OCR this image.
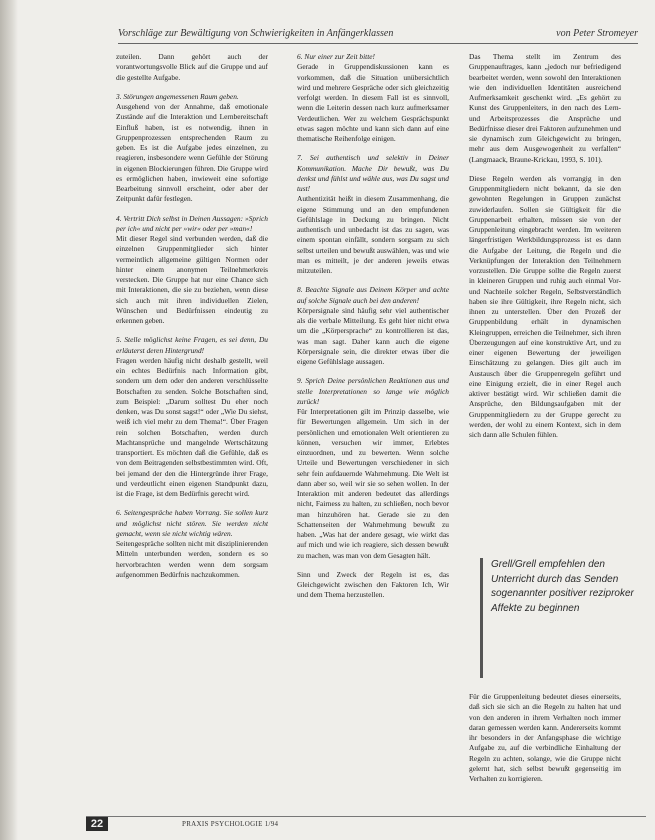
Vorschläge zur Bewältigung von Schwierigkeiten in Anfängerklassen	von Peter Stromeyer

zuteilen. Dann gehört auch der vorantwortungsvolle Blick auf die Gruppe und auf die gestellte Aufgabe.

3. Störungen angemessenen Raum geben.
Ausgehend von der Annahme, daß emotionale Zustände auf die Interaktion und Lernbereitschaft Einfluß haben, ist es notwendig, ihnen in Gruppenprozessen entsprechenden Raum zu geben. Es ist die Aufgabe jedes einzelnen, zu reagieren, insbesondere wenn Gefühle der Störung in eigenen Blockierungen führen. Die Gruppe wird es ermöglichen haben, inwieweit eine sofortige Bearbeitung sinnvoll erscheint, oder aber der Zeitpunkt dafür festlegen.

4. Vertritt Dich selbst in Deinen Aussagen: »Sprich per ich« und nicht per »wir« oder per »man«!
Mit dieser Regel sind verbunden werden, daß die einzelnen Gruppenmitglieder sich hinter vermeintlich allgemeine gültigen Normen oder hinter einem anonymen Teilnehmerkreis verstecken. Die Gruppe hat nur eine Chance sich mit Interaktionen, die sie zu beziehen, wenn diese sich auch mit ihren individuellen Zielen, Wünschen und Bedürfnissen eindeutig zu erkennen geben.

5. Stelle möglichst keine Fragen, es sei denn, Du erläuterst deren Hintergrund!
Fragen werden häufig nicht deshalb gestellt, weil ein echtes Bedürfnis nach Information gibt, sondern um dem oder den anderen verschlüsselte Botschaften zu senden. Solche Botschaften sind, zum Beispiel: „Darum solltest Du eher noch denken, was Du sonst sagst!“ oder „Wie Du siehst, weiß ich viel mehr zu dem Thema!“. Über Fragen rein solchen Botschaften, werden durch Machtansprüche und mangelnde Wertschätzung transportiert. Es möchten daß die Gefühle, daß es von dem Beitragenden selbstbestimmten wird. Oft, bei jemand der den die Hintergründe ihrer Frage, und verdeutlicht einen eigenen Standpunkt dazu, ist die Frage, ist dem Bedürfnis gerecht wird.

6. Seitengespräche haben Vorrang. Sie sollen kurz und möglichst nicht stören. Sie werden nicht gemacht, wenn sie nicht wichtig wären.
Seitengespräche sollten nicht mit disziplinierenden Mitteln unterbunden werden, sondern es so hervorbrachten werden wenn dem sorgsam aufgenommen Bedürfnis nachzukommen.

6. Nur einer zur Zeit bitte!
Gerade in Gruppendiskussionen kann es vorkommen, daß die Situation unübersichtlich wird und mehrere Gespräche oder sich gleichzeitig verfolgt werden. In diesem Fall ist es sinnvoll, wenn die Leiterin dessen nach kurz aufmerksamer Verdeutlichen. Wer zu welchem Gesprächspunkt etwas sagen möchte und kann sich dann auf eine thematische Reihenfolge einigen.

7. Sei authentisch und selektiv in Deiner Kommunikation. Mache Dir bewußt, was Du denkst und fühlst und wähle aus, was Du sagst und tust!
Authentizität heißt in diesem Zusammenhang, die eigene Stimmung und an den empfundenen Gefühlslage in Deckung zu bringen. Nicht authentisch und unbedacht ist das zu sagen, was einem spontan einfällt, sondern sorgsam zu sich selbst urteilen und bewußt auswählen, was und wie man es mitteilt, je der anderen jeweils etwas mitzuteilen.

8. Beachte Signale aus Deinem Körper und achte auf solche Signale auch bei den anderen!
Körpersignale sind häufig sehr viel authentischer als die verbale Mitteilung. Es geht hier nicht etwa um die „Körpersprache“ zu kontrollieren ist das, was man sagt. Daher kann auch die eigene Körpersignale sein, die direkter etwas über die eigene Gefühlslage aussagen.

9. Sprich Deine persönlichen Reaktionen aus und stelle Interpretationen so lange wie möglich zurück!
Für Interpretationen gilt im Prinzip dasselbe, wie für Bewertungen allgemein. Um sich in der persönlichen und emotionalen Welt orientieren zu können, versuchen wir immer, Erlebtes einzuordnen, und zu bewerten. Wenn solche Urteile und Bewertungen verschiedener in sich sehr fein aufdauernde Wahrnehmung. Die Welt ist dann aber so, weil wir sie so sehen wollen. In der Interaktion mit anderen bedeutet das allerdings nicht, Fairness zu halten, zu schließen, noch bevor man hinzuhören hat. Gerade sie zu den Schattenseiten der Wahrnehmung bewußt zu haben. „Was hat der andere gesagt, wie wirkt das auf mich und wie ich reagiere, sich dessen bewußt zu machen, was man von dem Gesagten hält.

Sinn und Zweck der Regeln ist es, das Gleichgewicht zwischen den Faktoren Ich, Wir und dem Thema herzustellen.

Das Thema stellt im Zentrum des Gruppenauftrages, kann „jedoch nur befriedigend bearbeitet werden, wenn sowohl den Interaktionen wie den individuellen Identitäten ausreichend Aufmerksamkeit geschenkt wird. „Es gehört zu Kunst des Gruppenleiters, in den nach des Lern- und Arbeitsprozesses die Ansprüche und Bedürfnisse dieser drei Faktoren aufzunehmen und sie dynamisch zum Gleichgewicht zu bringen, mehr aus dem Ausgewogenheit zu verfallen“ (Langmaack, Braune-Krickau, 1993, S. 101).

Diese Regeln werden als vorrangig in den Gruppenmitgliedern nicht bekannt, da sie den gewohnten Regelungen in Gruppen zunächst zuwiderlaufen. Sollen sie Gültigkeit für die Gruppenarbeit erhalten, müssen sie von der Gruppenleitung eingebracht werden. Im weiteren längerfristigen Werkbildungsprozess ist es dann die Aufgabe der Leitung, die Regeln und die Verknüpfungen der Interaktion den Teilnehmern vorzustellen. Die Gruppe sollte die Regeln zuerst in kleineren Gruppen und ruhig auch einmal Vor- und Nachteile solcher Regeln, Selbstverständlich haben sie ihre Gültigkeit, ihre Regeln nicht, sich ihnen zu unterstellen. Über den Prozeß der Gruppenbildung erhält in dynamischen Kleingruppen, erreichen die Teilnehmer, sich ihren Überzeugungen auf eine konstruktive Art, und zu einer eigenen Bewertung der jeweiligen Einschätzung zu gelangen. Dies gilt auch im Austausch über die Gruppenregeln geführt und eine Einigung erzielt, die in einer Regel auch aktiver bestätigt wird. Wir schließen damit die Ansprüche, den Bildungsaufgaben mit der Gruppenmitgliedern zu der Gruppe gerecht zu werden, der wohl zu einem Kontext, sich in dem sich dann alle Schulen fühlen.

Grell/Grell empfehlen den Unterricht durch das Senden sogenannter positiver reziproker Affekte zu beginnen

Für die Gruppenleitung bedeutet dieses einerseits, daß sich sie sich an die Regeln zu halten hat und von den anderen in ihrem Verhalten noch immer daran gemessen werden kann. Andererseits kommt ihr besonders in der Anfangsphase die wichtige Aufgabe zu, auf die verbindliche Einhaltung der Regeln zu achten, solange, wie die Gruppe nicht gelernt hat, sich selbst bewußt gegenseitig im Verhalten zu korrigieren.

22	PRAXIS PSYCHOLOGIE 1/94
